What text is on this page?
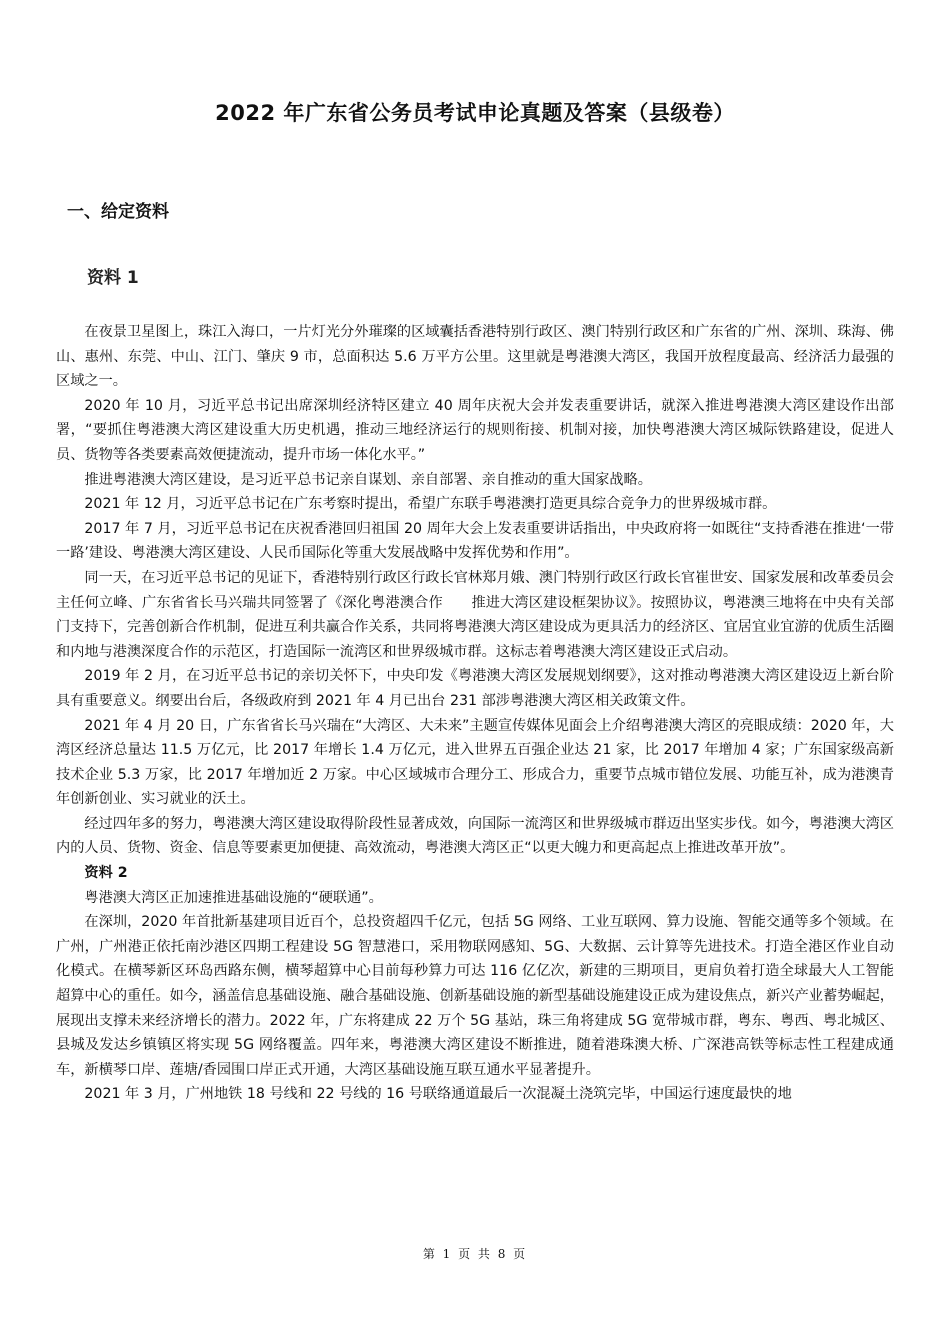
2022 年广东省公务员考试申论真题及答案（县级卷）
一、给定资料
资料 1

在夜景卫星图上，珠江入海口，一片灯光分外璀璨的区域囊括香港特别行政区、澳门特别行政区和广东省的广州、深圳、珠海、佛山、惠州、东莞、中山、江门、肇庆 9 市，总面积达 5.6 万平方公里。这里就是粤港澳大湾区，我国开放程度最高、经济活力最强的区域之一。

2020 年 10 月，习近平总书记出席深圳经济特区建立 40 周年庆祝大会并发表重要讲话，就深入推进粤港澳大湾区建设作出部署，“要抓住粤港澳大湾区建设重大历史机遇，推动三地经济运行的规则衔接、机制对接，加快粤港澳大湾区城际铁路建设，促进人员、货物等各类要素高效便捷流动，提升市场一体化水平。”

推进粤港澳大湾区建设，是习近平总书记亲自谋划、亲自部署、亲自推动的重大国家战略。

2021 年 12 月，习近平总书记在广东考察时提出，希望广东联手粤港澳打造更具综合竞争力的世界级城市群。

2017 年 7 月，习近平总书记在庆祝香港回归祖国 20 周年大会上发表重要讲话指出，中央政府将一如既往“支持香港在推进‘一带一路’建设、粤港澳大湾区建设、人民币国际化等重大发展战略中发挥优势和作用”。

同一天，在习近平总书记的见证下，香港特别行政区行政长官林郑月娥、澳门特别行政区行政长官崔世安、国家发展和改革委员会主任何立峰、广东省省长马兴瑞共同签署了《深化粤港澳合作　　推进大湾区建设框架协议》。按照协议，粤港澳三地将在中央有关部门支持下，完善创新合作机制，促进互利共赢合作关系，共同将粤港澳大湾区建设成为更具活力的经济区、宜居宜业宜游的优质生活圈和内地与港澳深度合作的示范区，打造国际一流湾区和世界级城市群。这标志着粤港澳大湾区建设正式启动。

2019 年 2 月，在习近平总书记的亲切关怀下，中央印发《粤港澳大湾区发展规划纲要》，这对推动粤港澳大湾区建设迈上新台阶具有重要意义。纲要出台后，各级政府到 2021 年 4 月已出台 231 部涉粤港澳大湾区相关政策文件。

2021 年 4 月 20 日，广东省省长马兴瑞在“大湾区、大未来”主题宣传媒体见面会上介绍粤港澳大湾区的亮眼成绩：2020 年，大湾区经济总量达 11.5 万亿元，比 2017 年增长 1.4 万亿元，进入世界五百强企业达 21 家，比 2017 年增加 4 家；广东国家级高新技术企业 5.3 万家，比 2017 年增加近 2 万家。中心区域城市合理分工、形成合力，重要节点城市错位发展、功能互补，成为港澳青年创新创业、实习就业的沃土。

经过四年多的努力，粤港澳大湾区建设取得阶段性显著成效，向国际一流湾区和世界级城市群迈出坚实步伐。如今，粤港澳大湾区内的人员、货物、资金、信息等要素更加便捷、高效流动，粤港澳大湾区正“以更大魄力和更高起点上推进改革开放”。

资料 2

粤港澳大湾区正加速推进基础设施的“硬联通”。

在深圳，2020 年首批新基建项目近百个，总投资超四千亿元，包括 5G 网络、工业互联网、算力设施、智能交通等多个领域。在广州，广州港正依托南沙港区四期工程建设 5G 智慧港口，采用物联网感知、5G、大数据、云计算等先进技术。打造全港区作业自动化模式。在横琴新区环岛西路东侧，横琴超算中心目前每秒算力可达 116 亿亿次，新建的三期项目，更肩负着打造全球最大人工智能超算中心的重任。如今，涵盖信息基础设施、融合基础设施、创新基础设施的新型基础设施建设正成为建设焦点，新兴产业蓄势崛起，展现出支撑未来经济增长的潜力。2022 年，广东将建成 22 万个 5G 基站，珠三角将建成 5G 宽带城市群，粤东、粤西、粤北城区、县城及发达乡镇镇区将实现 5G 网络覆盖。四年来，粤港澳大湾区建设不断推进，随着港珠澳大桥、广深港高铁等标志性工程建成通车，新横琴口岸、莲塘/香园围口岸正式开通，大湾区基础设施互联互通水平显著提升。

2021 年 3 月，广州地铁 18 号线和 22 号线的 16 号联络通道最后一次混凝土浇筑完毕，中国运行速度最快的地

第 1 页 共 8 页
